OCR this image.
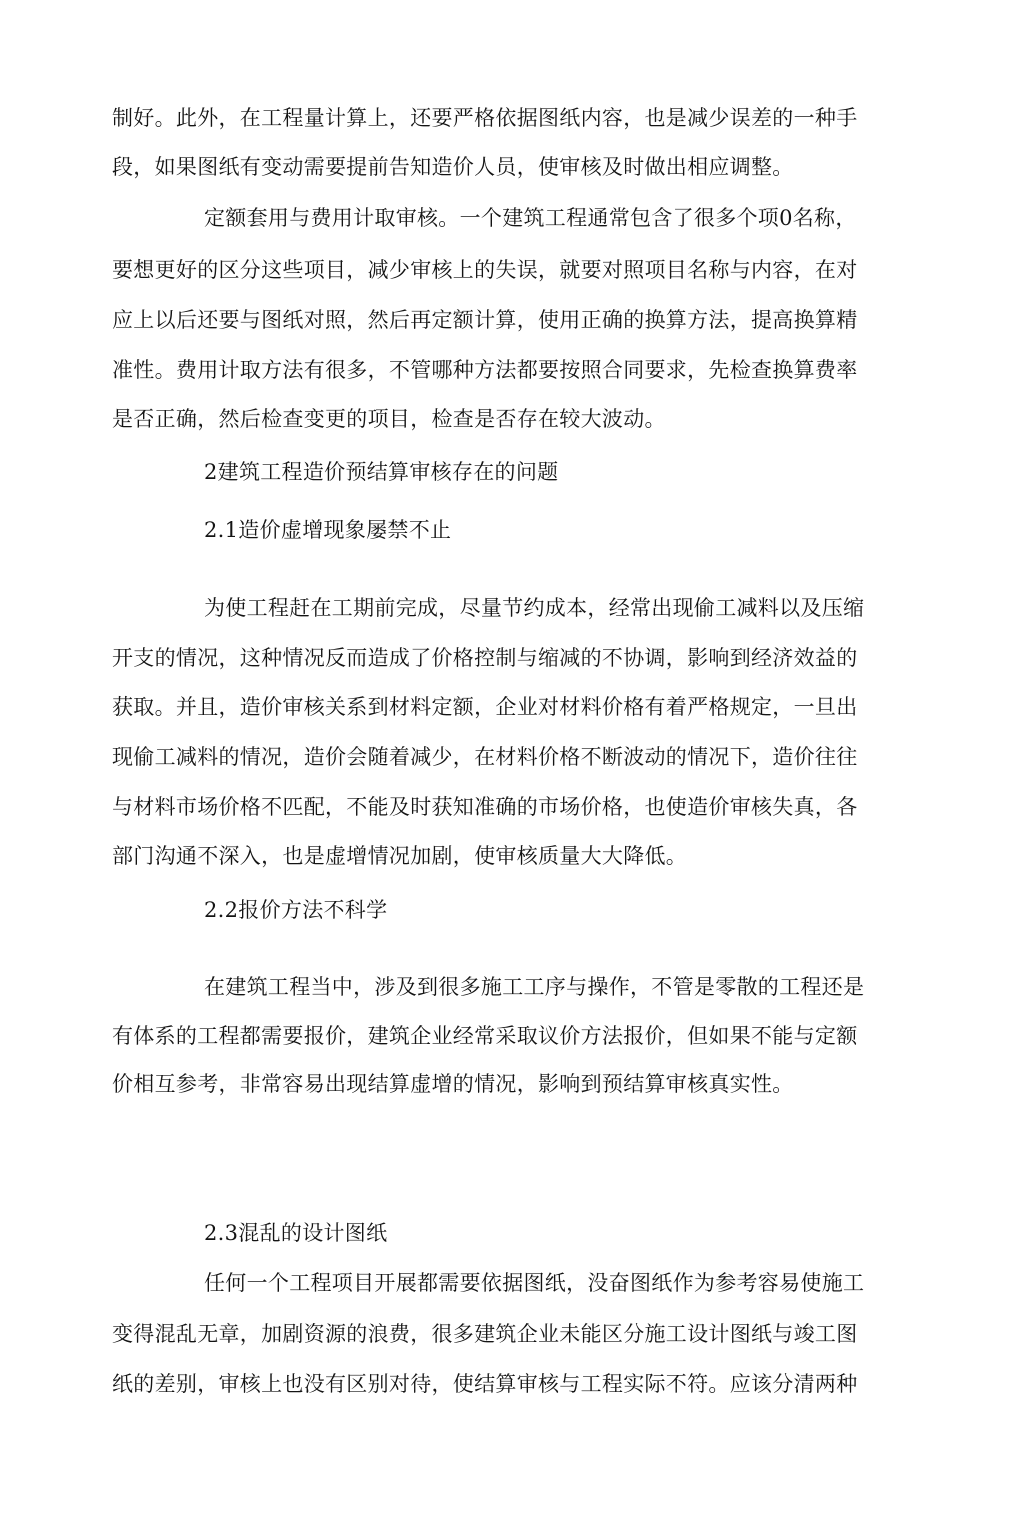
制好。此外，在工程量计算上，还要严格依据图纸内容，也是减少误差的一种手

段，如果图纸有变动需要提前告知造价人员，使审核及时做出相应调整。

定额套用与费用计取审核。一个建筑工程通常包含了很多个项0名称，

要想更好的区分这些项目，减少审核上的失误，就要对照项目名称与内容，在对

应上以后还要与图纸对照，然后再定额计算，使用正确的换算方法，提高换算精

准性。费用计取方法有很多，不管哪种方法都要按照合同要求，先检查换算费率

是否正确，然后检查变更的项目，检查是否存在较大波动。

2建筑工程造价预结算审核存在的问题

2.1造价虚增现象屡禁不止

为使工程赶在工期前完成，尽量节约成本，经常出现偷工减料以及压缩

开支的情况，这种情况反而造成了价格控制与缩减的不协调，影响到经济效益的

获取。并且，造价审核关系到材料定额，企业对材料价格有着严格规定，一旦出

现偷工减料的情况，造价会随着减少，在材料价格不断波动的情况下，造价往往

与材料市场价格不匹配，不能及时获知准确的市场价格，也使造价审核失真，各

部门沟通不深入，也是虚增情况加剧，使审核质量大大降低。

2.2报价方法不科学

在建筑工程当中，涉及到很多施工工序与操作，不管是零散的工程还是

有体系的工程都需要报价，建筑企业经常采取议价方法报价，但如果不能与定额

价相互参考，非常容易出现结算虚增的情况，影响到预结算审核真实性。

2.3混乱的设计图纸

任何一个工程项目开展都需要依据图纸，没奋图纸作为参考容易使施工

变得混乱无章，加剧资源的浪费，很多建筑企业未能区分施工设计图纸与竣工图

纸的差别，审核上也没有区别对待，使结算审核与工程实际不符。应该分清两种
